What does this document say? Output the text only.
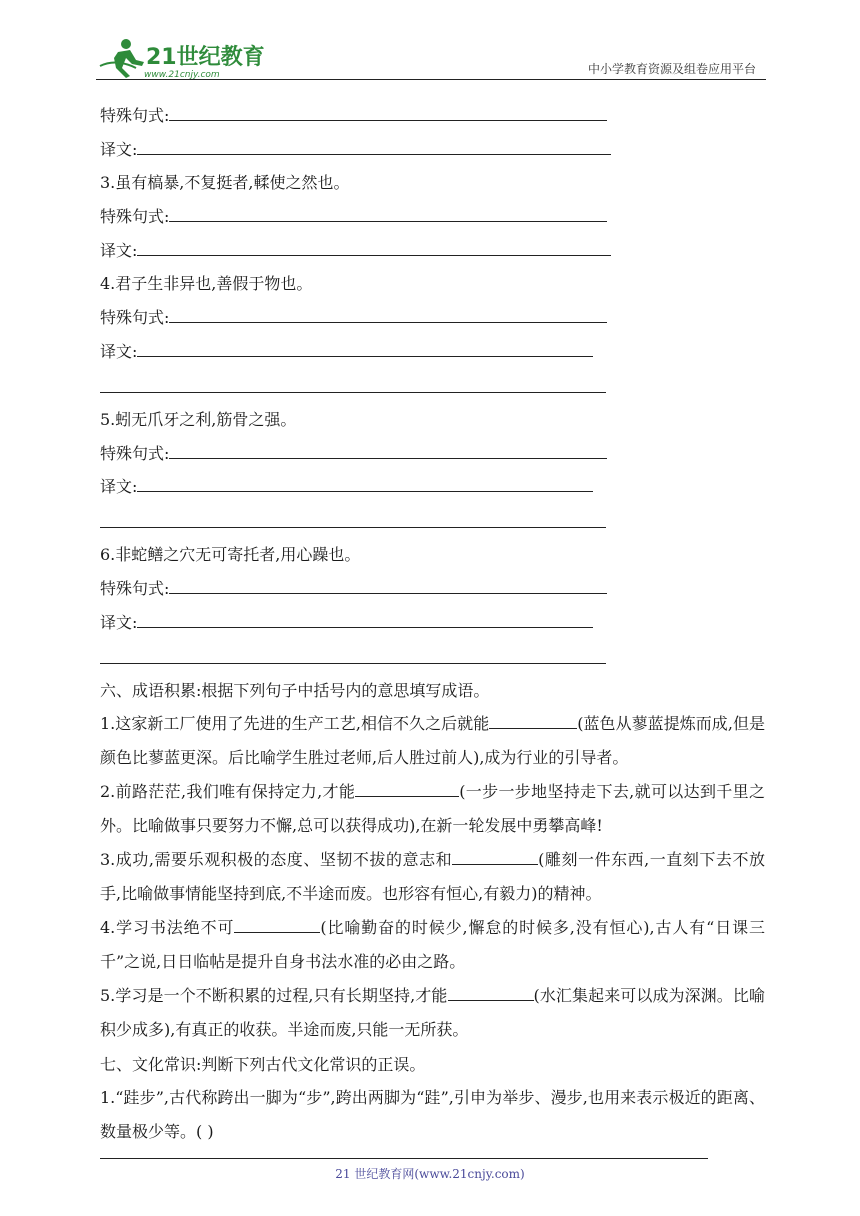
21世纪教育
www.21cnjy.com	中小学教育资源及组卷应用平台
特殊句式:
译文:
3.虽有槁暴,不复挺者,輮使之然也。
特殊句式:
译文:
4.君子生非异也,善假于物也。
特殊句式:
译文:
5.蚓无爪牙之利,筋骨之强。
特殊句式:
译文:
6.非蛇鳝之穴无可寄托者,用心躁也。
特殊句式:
译文:
六、成语积累:根据下列句子中括号内的意思填写成语。
1.这家新工厂使用了先进的生产工艺,相信不久之后就能	(蓝色从蓼蓝提炼而成,但是颜色比蓼蓝更深。后比喻学生胜过老师,后人胜过前人),成为行业的引导者。
2.前路茫茫,我们唯有保持定力,才能	(一步一步地坚持走下去,就可以达到千里之外。比喻做事只要努力不懈,总可以获得成功),在新一轮发展中勇攀高峰!
3.成功,需要乐观积极的态度、坚韧不拔的意志和	(雕刻一件东西,一直刻下去不放手,比喻做事情能坚持到底,不半途而废。也形容有恒心,有毅力)的精神。
4.学习书法绝不可	(比喻勤奋的时候少,懈怠的时候多,没有恒心),古人有“日课三千”之说,日日临帖是提升自身书法水准的必由之路。
5.学习是一个不断积累的过程,只有长期坚持,才能	(水汇集起来可以成为深渊。比喻积少成多),有真正的收获。半途而废,只能一无所获。
七、文化常识:判断下列古代文化常识的正误。
1.“跬步”,古代称跨出一脚为“步”,跨出两脚为“跬”,引申为举步、漫步,也用来表示极近的距离、数量极少等。( )
21 世纪教育网(www.21cnjy.com)
